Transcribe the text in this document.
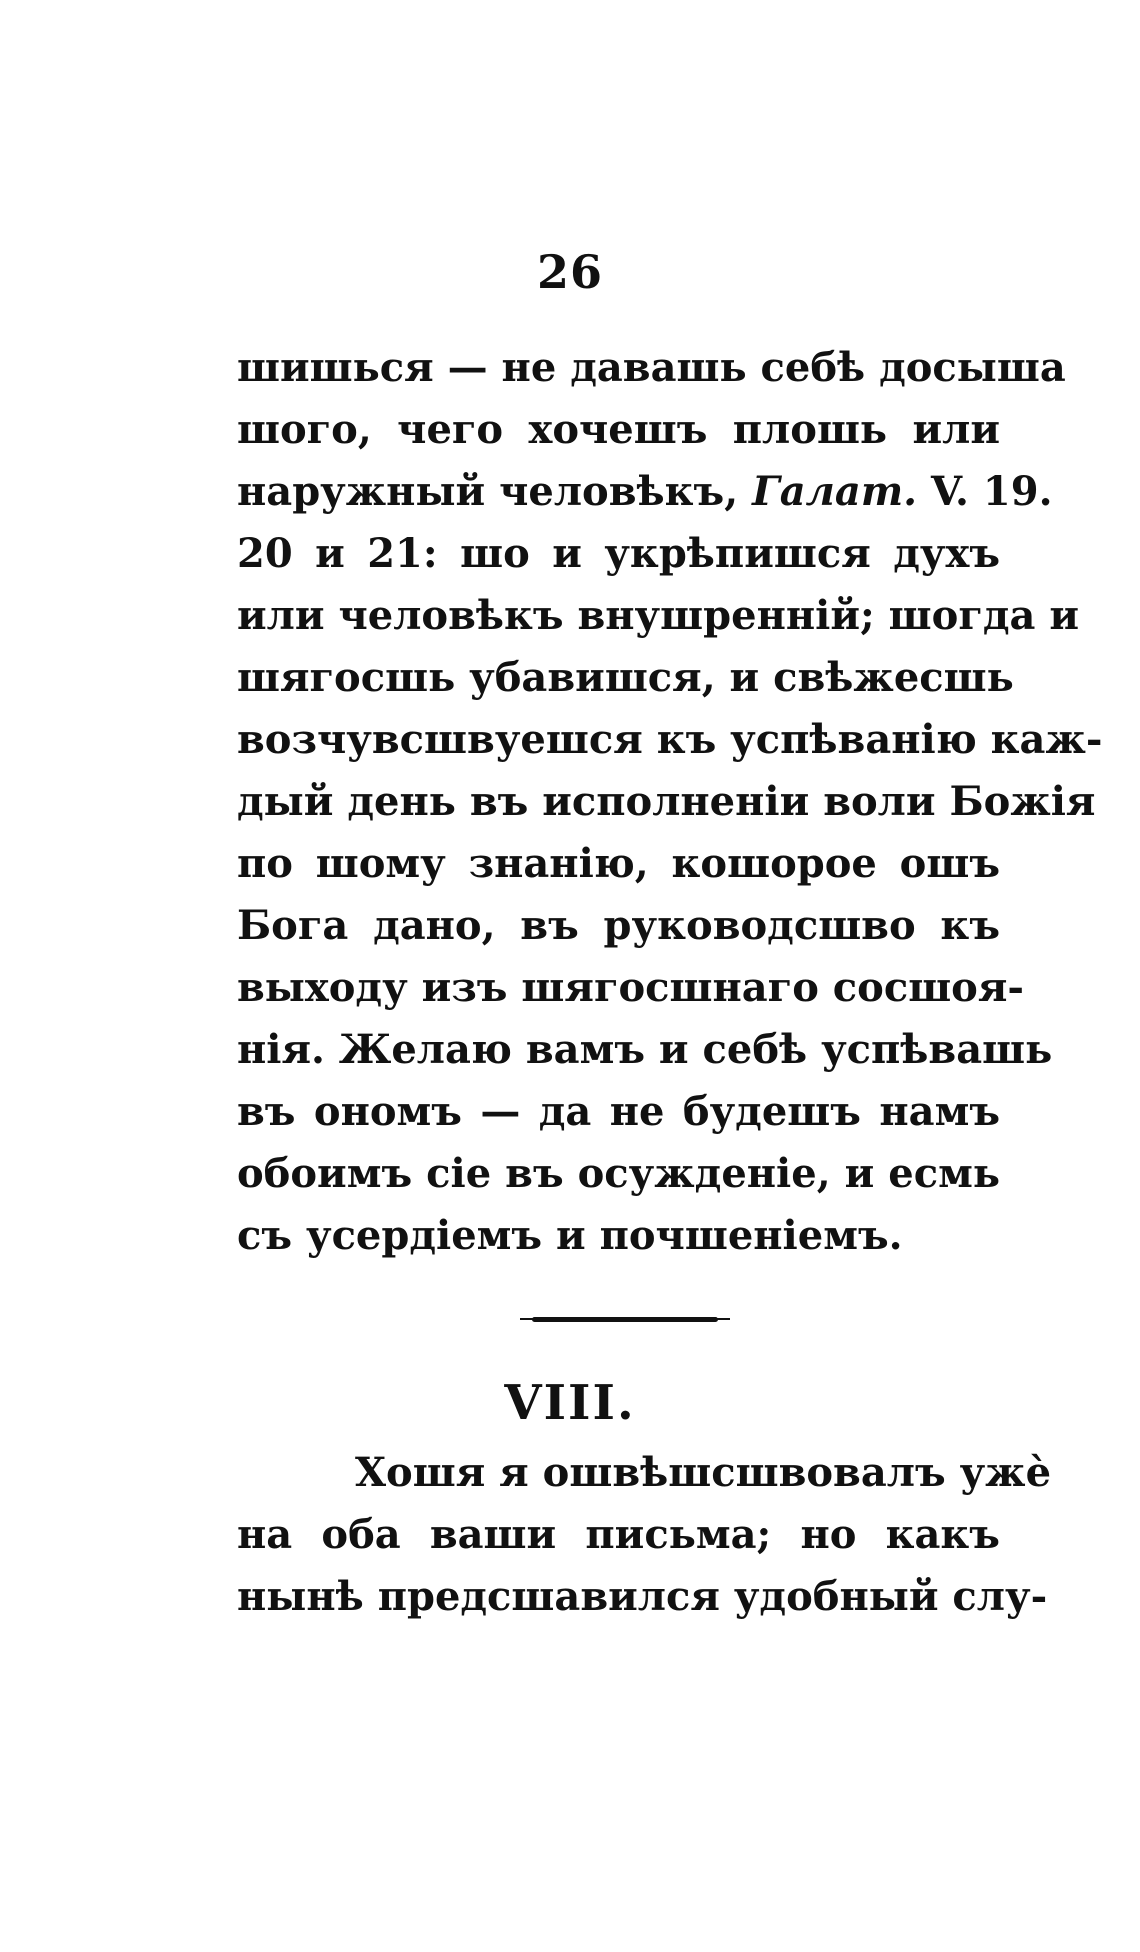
26
шишься — не давашь себѣ досыша
шого, чего хочешъ плошь или
наружный человѣкъ, Галат. V. 19.
20 и 21: шо и укрѣпишся духъ
или человѣкъ внушренній; шогда и
шягосшь убавишся, и свѣжесшь
возчувсшвуешся къ успѣванію каж-
дый день въ исполненіи воли Божія
по шому знанію, кошорое ошъ
Бога дано, въ руководсшво къ
выходу изъ шягосшнаго сосшоя-
нія. Желаю вамъ и себѣ успѣвашь
въ ономъ — да не будешъ намъ
обоимъ сіе въ осужденіе, и есмь
съ усердіемъ и почшеніемъ.
VIII.
Хошя я ошвѣшсшвовалъ ужѐ
на оба ваши письма; но какъ
нынѣ предсшавился удобный слу-
